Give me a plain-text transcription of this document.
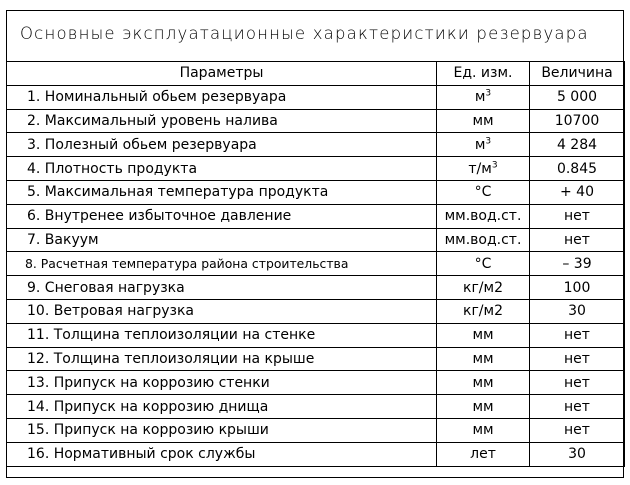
Основные эксплуатационные характеристики резервуара
Параметры	Ед. изм.	Величина
1. Номинальный обьем резервуара	$м^3$	5 000
2. Максимальный уровень налива	мм	10700
3. Полезный обьем резервуара	$м^3$	4 284
4. Плотность продукта	$т/м^3$	0.845
5. Максимальная температура продукта	°С	+ 40
6. Внутренее избыточное давление	мм.вод.ст.	нет
7. Вакуум	мм.вод.ст.	нет
8. Расчетная температура района строительства	°С	– 39
9. Снеговая нагрузка	кг/м2	100
10. Ветровая нагрузка	кг/м2	30
11. Толщина теплоизоляции на стенке	мм	нет
12. Толщина теплоизоляции на крыше	мм	нет
13. Припуск на коррозию стенки	мм	нет
14. Припуск на коррозию днища	мм	нет
15. Припуск на коррозию крыши	мм	нет
16. Нормативный срок службы	лет	30
